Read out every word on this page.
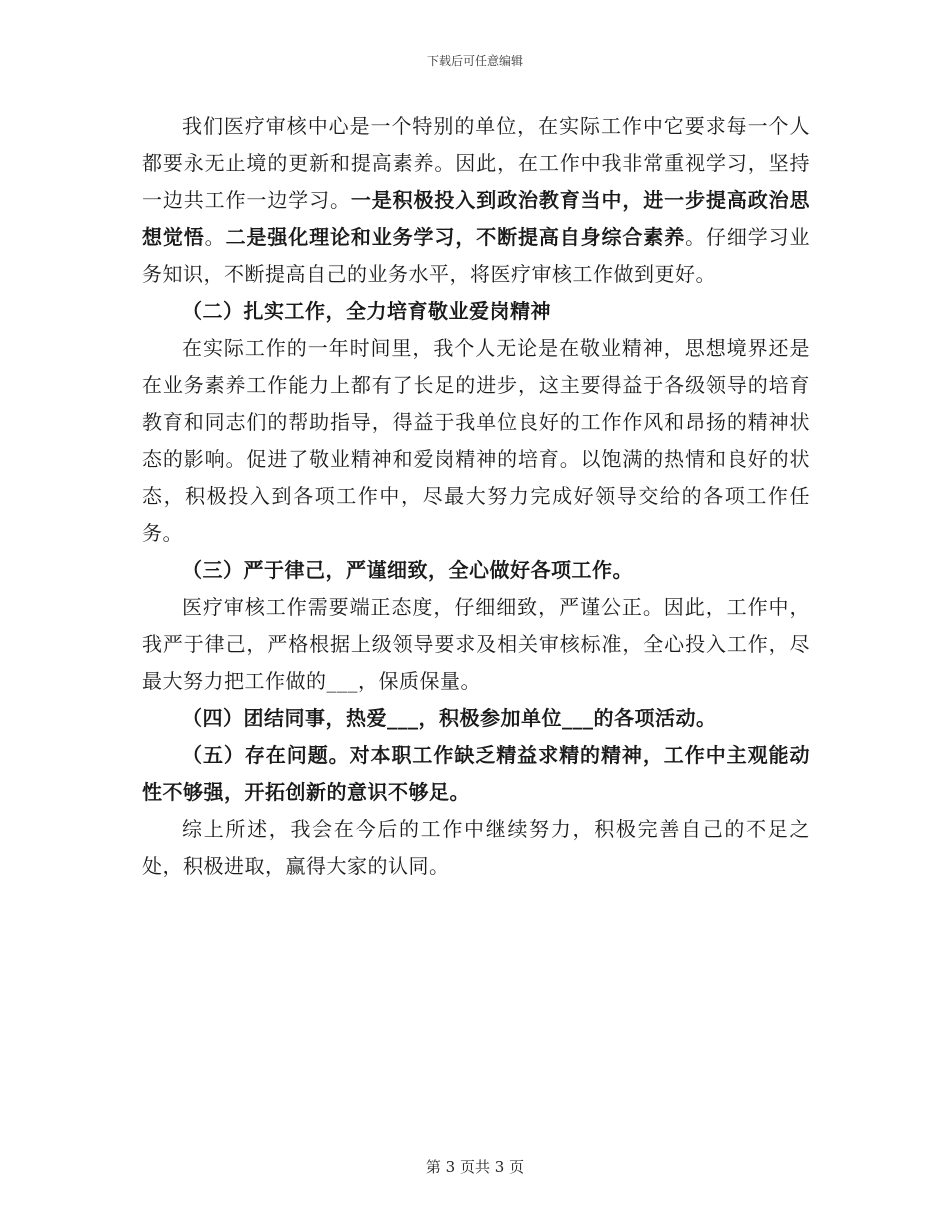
下载后可任意编辑

我们医疗审核中心是一个特别的单位，在实际工作中它要求每一个人都要永无止境的更新和提高素养。因此，在工作中我非常重视学习，坚持一边共工作一边学习。一是积极投入到政治教育当中，进一步提高政治思想觉悟。二是强化理论和业务学习，不断提高自身综合素养。仔细学习业务知识，不断提高自己的业务水平，将医疗审核工作做到更好。

（二）扎实工作，全力培育敬业爱岗精神

在实际工作的一年时间里，我个人无论是在敬业精神，思想境界还是在业务素养工作能力上都有了长足的进步，这主要得益于各级领导的培育教育和同志们的帮助指导，得益于我单位良好的工作作风和昂扬的精神状态的影响。促进了敬业精神和爱岗精神的培育。以饱满的热情和良好的状态，积极投入到各项工作中，尽最大努力完成好领导交给的各项工作任务。

（三）严于律己，严谨细致，全心做好各项工作。

医疗审核工作需要端正态度，仔细细致，严谨公正。因此，工作中，我严于律己，严格根据上级领导要求及相关审核标准，全心投入工作，尽最大努力把工作做的___，保质保量。

（四）团结同事，热爱___，积极参加单位___的各项活动。

（五）存在问题。对本职工作缺乏精益求精的精神，工作中主观能动性不够强，开拓创新的意识不够足。

综上所述，我会在今后的工作中继续努力，积极完善自己的不足之处，积极进取，赢得大家的认同。

第 3 页共 3 页
